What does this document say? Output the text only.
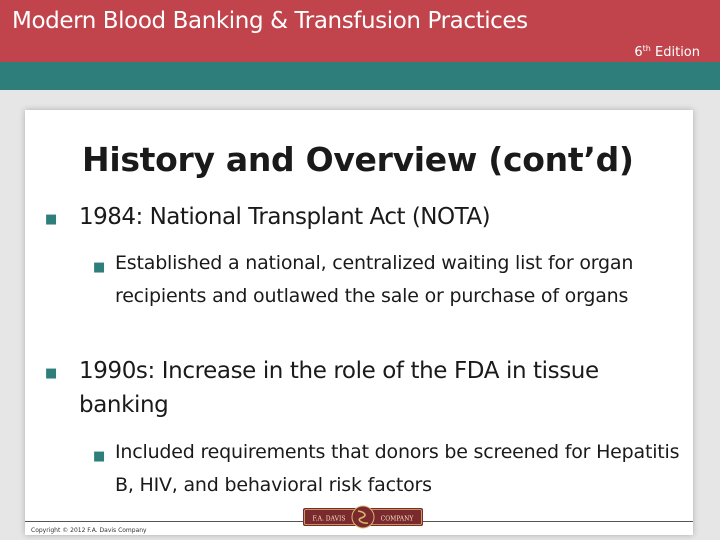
Modern Blood Banking & Transfusion Practices
6th Edition
History and Overview (cont’d)
■ 1984: National Transplant Act (NOTA)
■ Established a national, centralized waiting list for organ recipients and outlawed the sale or purchase of organs
■ 1990s: Increase in the role of the FDA in tissue banking
■ Included requirements that donors be screened for Hepatitis B, HIV, and behavioral risk factors
Copyright © 2012 F.A. Davis Company
F.A. DAVIS	COMPANY
